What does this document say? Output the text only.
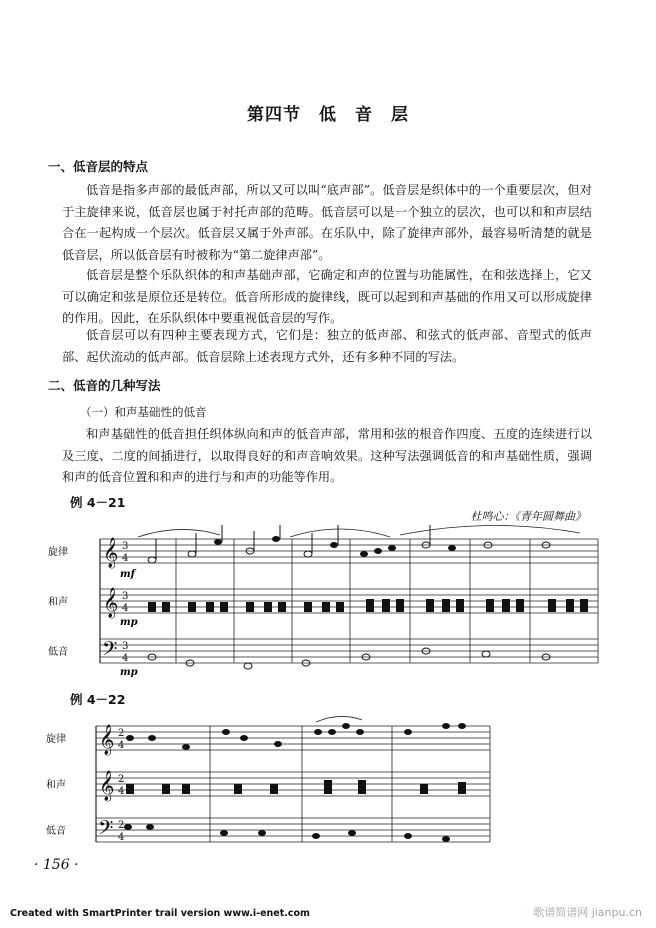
第四节　低　音　层
一、低音层的特点
低音是指多声部的最低声部，所以又可以叫“底声部”。低音层是织体中的一个重要层次，但对于主旋律来说，低音层也属于衬托声部的范畴。低音层可以是一个独立的层次，也可以和和声层结合在一起构成一个层次。低音层又属于外声部。在乐队中，除了旋律声部外，最容易听清楚的就是低音层，所以低音层有时被称为“第二旋律声部”。
低音层是整个乐队织体的和声基础声部，它确定和声的位置与功能属性，在和弦选择上，它又可以确定和弦是原位还是转位。低音所形成的旋律线，既可以起到和声基础的作用又可以形成旋律的作用。因此，在乐队织体中要重视低音层的写作。
低音层可以有四种主要表现方式，它们是：独立的低声部、和弦式的低声部、音型式的低声部、起伏流动的低声部。低音层除上述表现方式外，还有多种不同的写法。
二、低音的几种写法
（一）和声基础性的低音
和声基础性的低音担任织体纵向和声的低音声部，常用和弦的根音作四度、五度的连续进行以及三度、二度的间插进行，以取得良好的和声音响效果。这种写法强调低音的和声基础性质，强调和声的低音位置和和声的进行与和声的功能等作用。
例 4－21
杜鸣心：《青年圆舞曲》
𝄞
𝄞
𝄢
3
4
3
4
3
4
旋律
和声
低音
mf
mp
mp
3/4
例 4－22
𝄞
𝄞
𝄢
2
4
2
4
2
4
旋律
和声
低音
2/4
· 156 ·
Created with SmartPrinter trail version www.i-enet.com	歌谱简谱网 jianpu.cn
